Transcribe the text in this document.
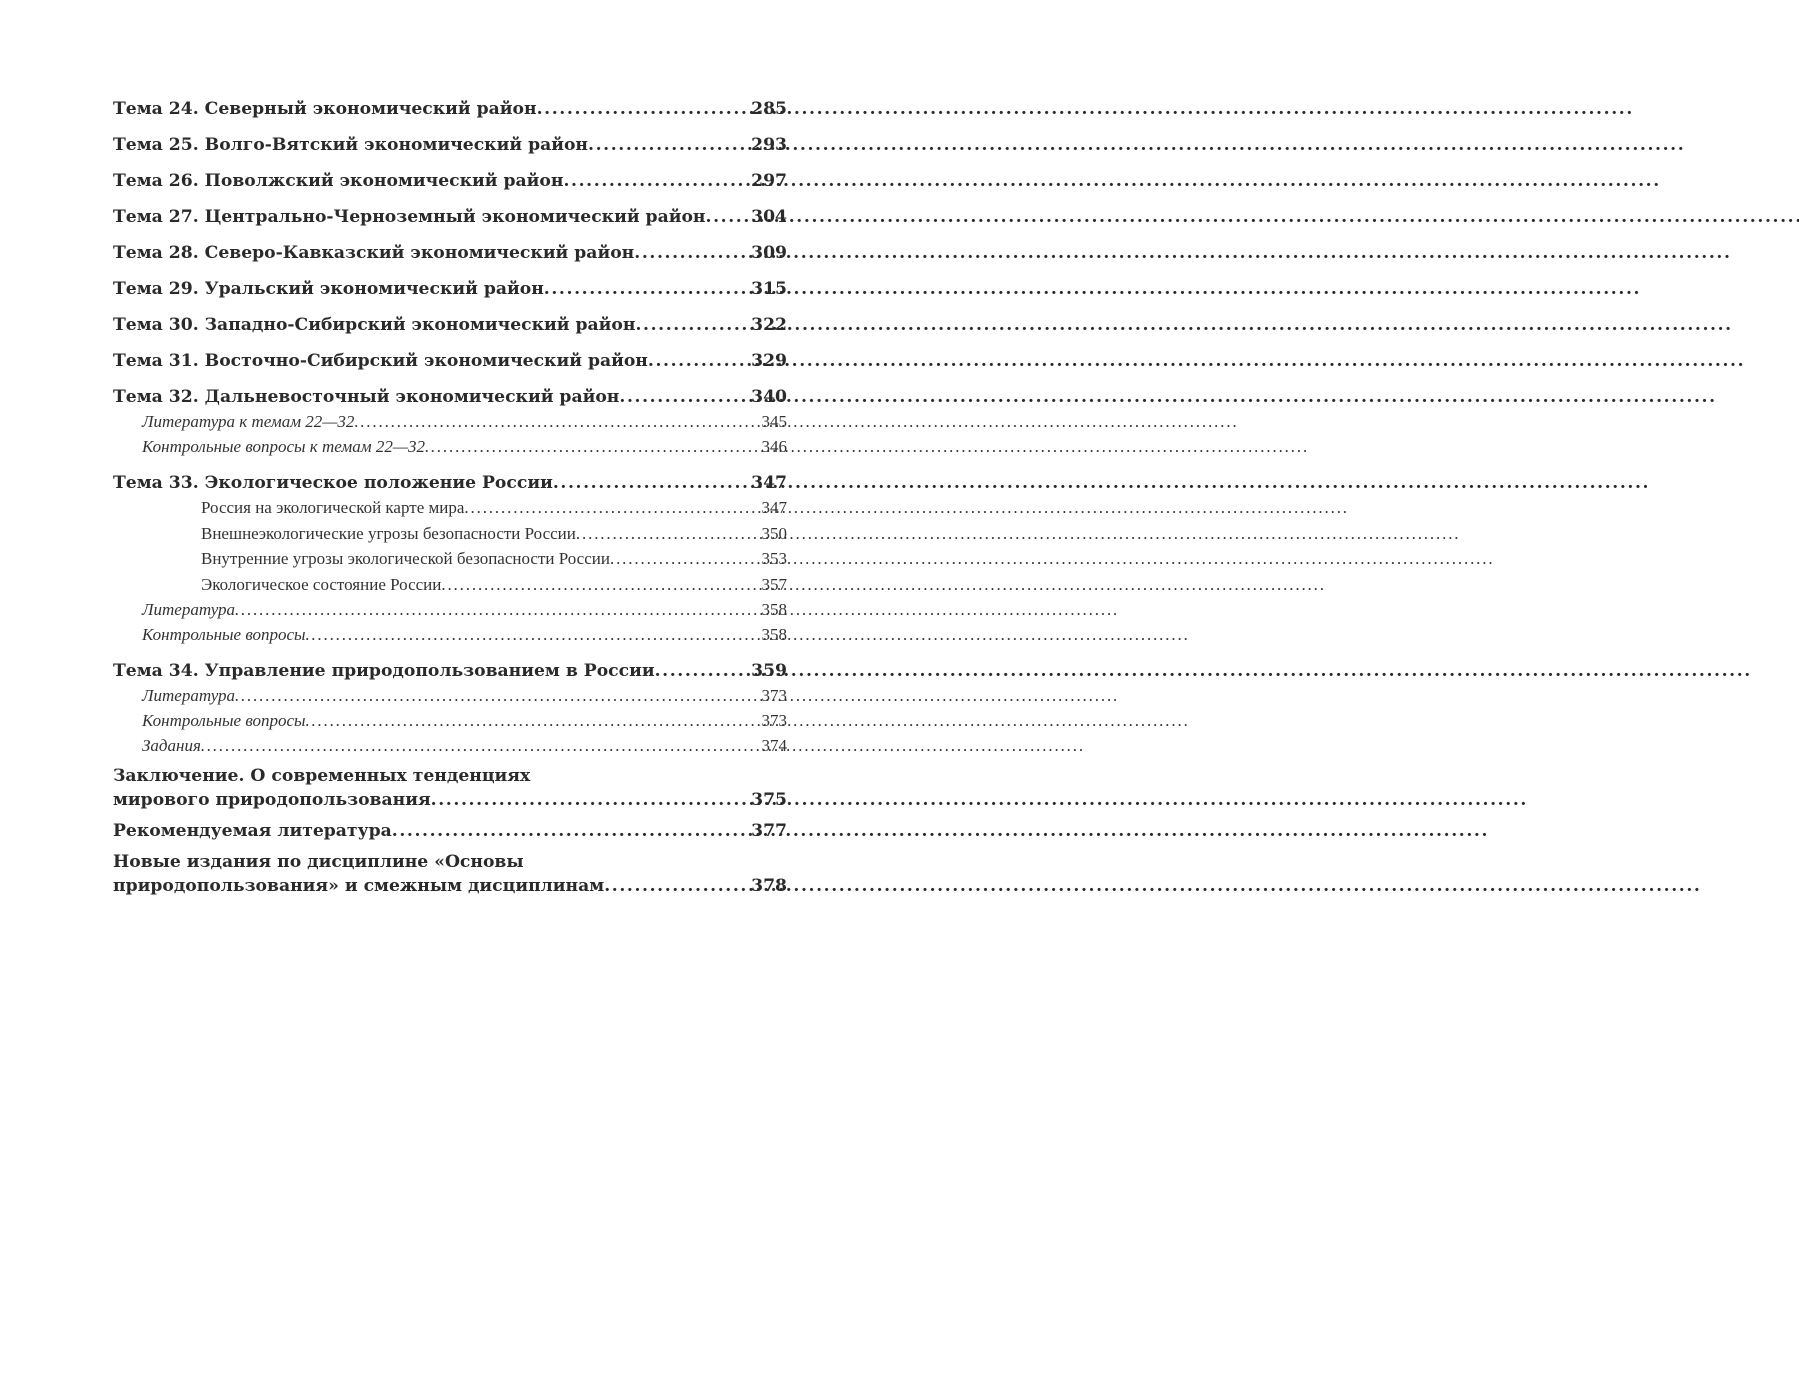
Тема 24. Северный экономический район . . .	285
Тема 25. Волго-Вятский экономический район . . .	293
Тема 26. Поволжский экономический район . . .	297
Тема 27. Центрально-Черноземный экономический район . . .	304
Тема 28. Северо-Кавказский экономический район . . .	309
Тема 29. Уральский экономический район . . .	315
Тема 30. Западно-Сибирский экономический район . . .	322
Тема 31. Восточно-Сибирский экономический район . . .	329
Тема 32. Дальневосточный экономический район . . .	340
Литература к темам 22—32 . . .	345
Контрольные вопросы к темам 22—32 . . .	346
Тема 33. Экологическое положение России . . .	347
Россия на экологической карте мира . . .	347
Внешнеэкологические угрозы безопасности России . . .	350
Внутренние угрозы экологической безопасности России . . .	353
Экологическое состояние России . . .	357
Литература . . .	358
Контрольные вопросы . . .	358
Тема 34. Управление природопользованием в России . . .	359
Литература . . .	373
Контрольные вопросы . . .	373
Задания . . .	374
Заключение. О современных тенденциях
мирового природопользования . . .	375
Рекомендуемая литература . . .	377
Новые издания по дисциплине «Основы
природопользования» и смежным дисциплинам . . .	378
